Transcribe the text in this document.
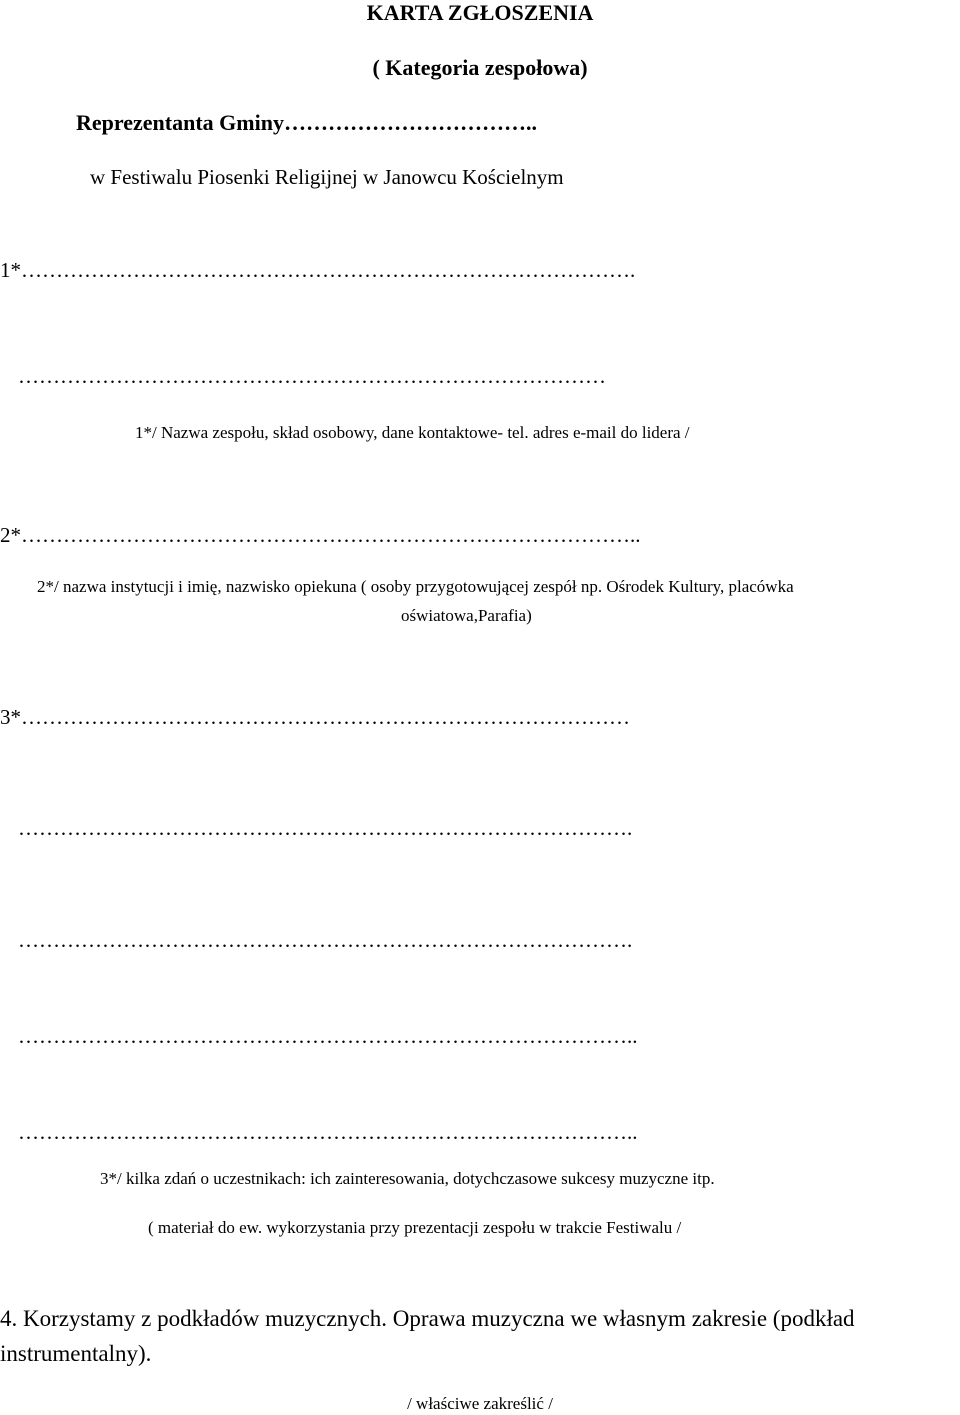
KARTA ZGŁOSZENIA
( Kategoria zespołowa)
Reprezentanta Gminy……………………………..
w Festiwalu Piosenki Religijnej w Janowcu Kościelnym
1*…………………………………………………………………………….
…………………………………………………………………………
1*/ Nazwa zespołu, skład osobowy, dane kontaktowe- tel. adres e-mail do lidera /
2*……………………………………………………………………………..
2*/ nazwa instytucji i imię, nazwisko opiekuna ( osoby przygotowującej zespół np. Ośrodek Kultury, placówka
oświatowa,Parafia)
3*……………………………………………………………………………
…………………………………………………………………………….
…………………………………………………………………………….
……………………………………………………………………………..
……………………………………………………………………………..
3*/ kilka zdań o uczestnikach: ich zainteresowania, dotychczasowe sukcesy muzyczne itp.
( materiał do ew. wykorzystania przy prezentacji zespołu w trakcie Festiwalu /
4. Korzystamy z podkładów muzycznych. Oprawa muzyczna we własnym zakresie (podkład
instrumentalny).
/ właściwe zakreślić /
